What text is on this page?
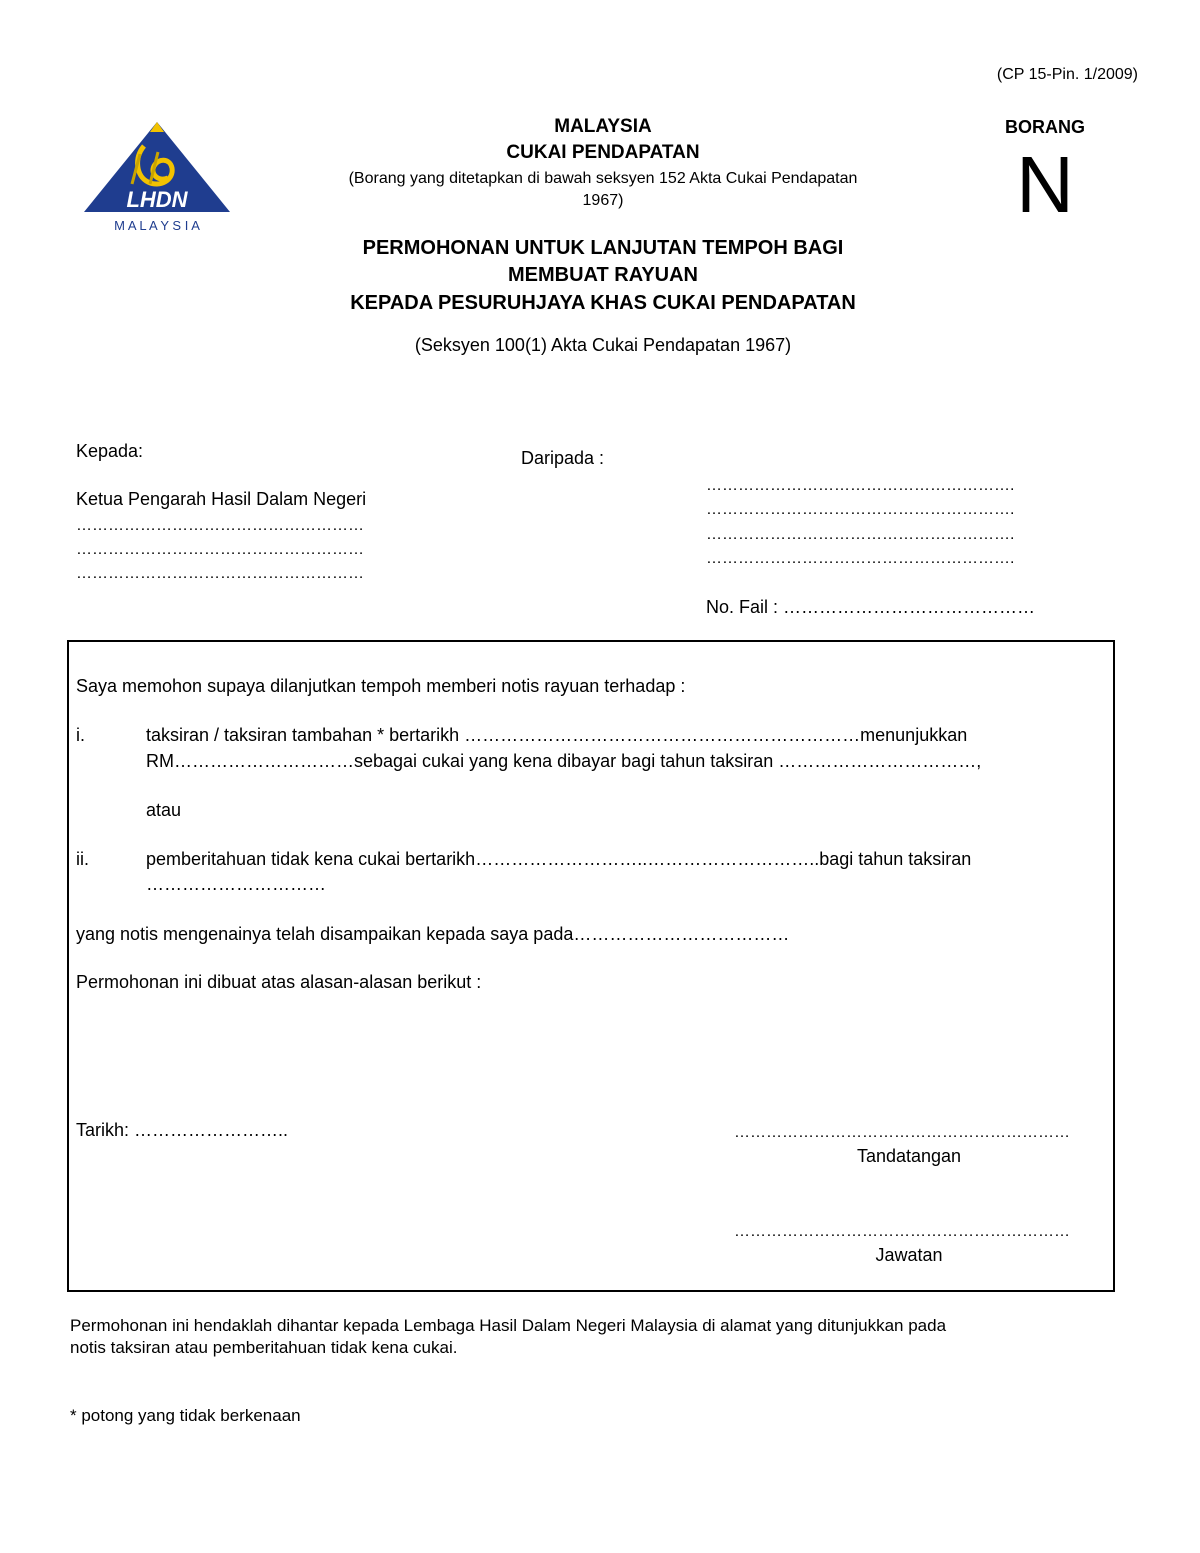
(CP 15-Pin. 1/2009)
LHDN
M A L A Y S I A
MALAYSIA
CUKAI PENDAPATAN
(Borang yang ditetapkan di bawah seksyen 152 Akta Cukai Pendapatan
1967)
BORANG
N
PERMOHONAN UNTUK LANJUTAN TEMPOH BAGI
MEMBUAT RAYUAN
KEPADA PESURUHJAYA KHAS CUKAI PENDAPATAN
(Seksyen 100(1) Akta Cukai Pendapatan 1967)
Kepada:
Ketua Pengarah Hasil Dalam Negeri
………………………………………………
………………………………………………
………………………………………………
Daripada :
………………………………………………….
………………………………………………….
………………………………………………….
………………………………………………….
No. Fail : ……………………………………
Saya memohon supaya dilanjutkan tempoh memberi notis rayuan terhadap :
i.	taksiran / taksiran tambahan * bertarikh …………………………………………………………menunjukkan
RM…………………………sebagai cukai yang kena dibayar bagi tahun taksiran ……………………………,
atau
ii.	pemberitahuan tidak kena cukai bertarikh………………………..………………………..bagi tahun taksiran
…………………………
yang notis mengenainya telah disampaikan kepada saya pada………………………………
Permohonan ini dibuat atas alasan-alasan berikut :
Tarikh: ……………………..	………………………………………………………
Tandatangan
………………………………………………………
Jawatan
Permohonan ini hendaklah dihantar kepada Lembaga Hasil Dalam Negeri Malaysia di alamat yang ditunjukkan pada
notis taksiran atau pemberitahuan tidak kena cukai.
* potong yang tidak berkenaan
